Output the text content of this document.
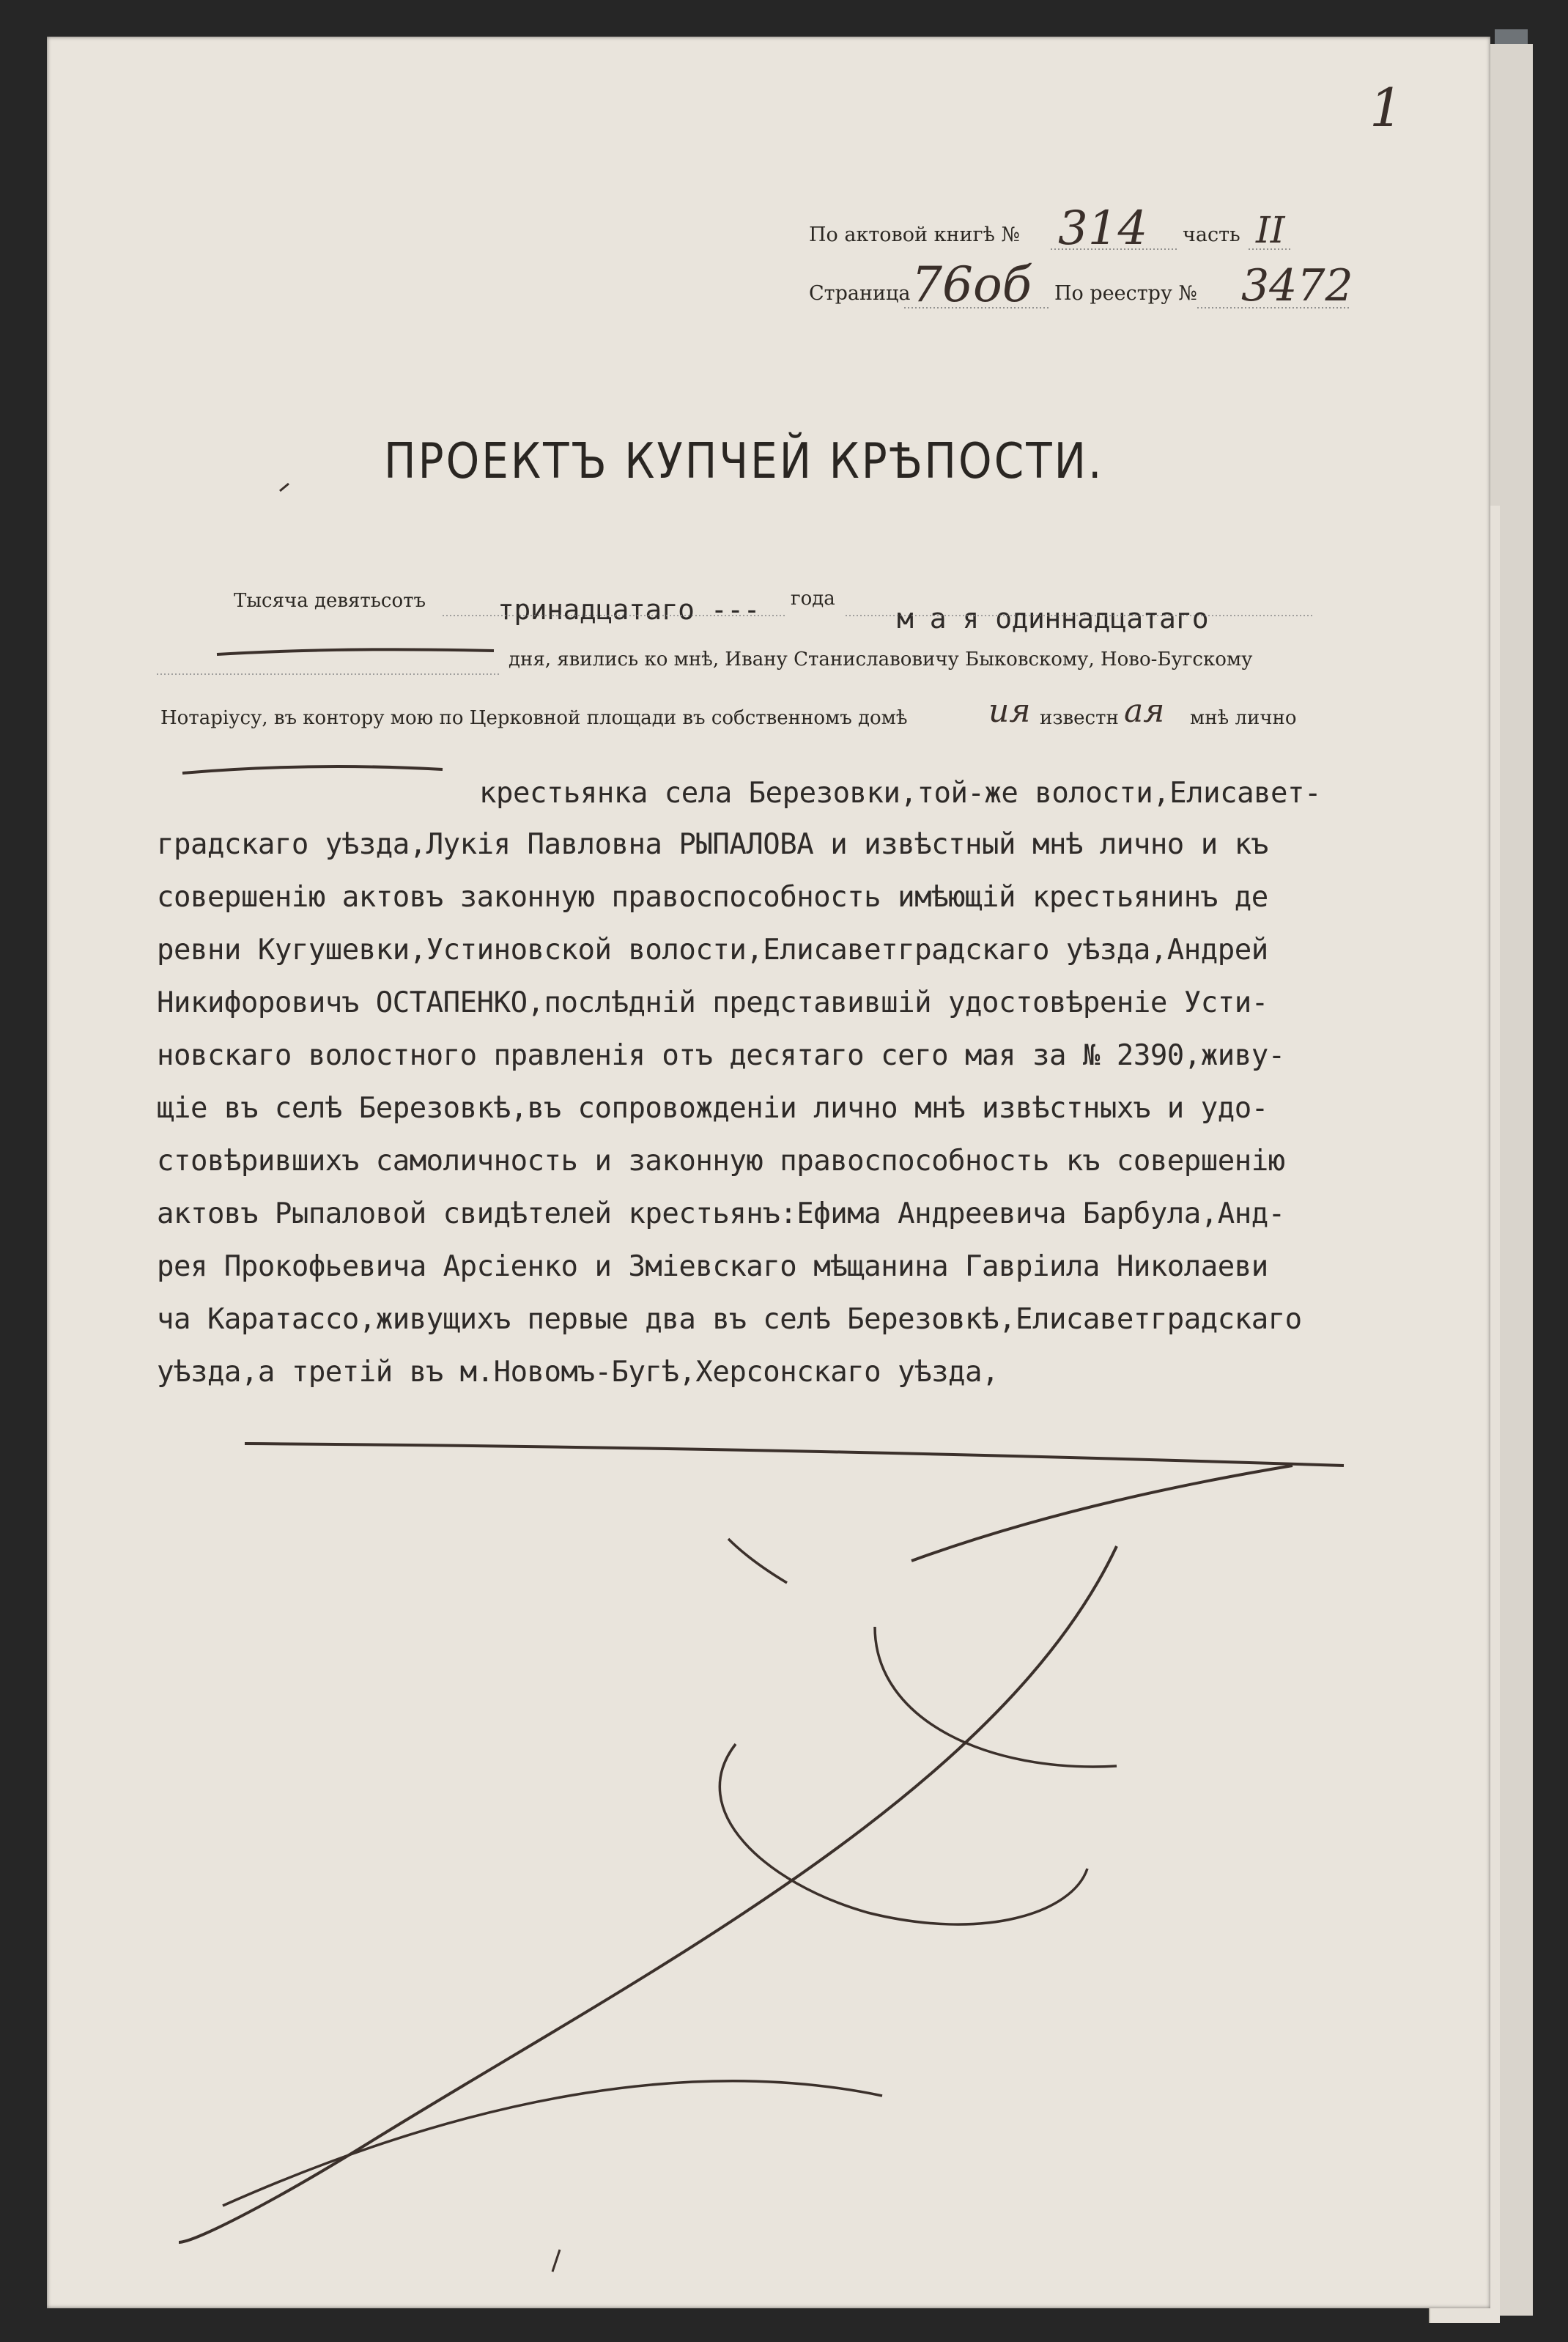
1
По актовой книгѣ № 314 часть II
Страница 76об По реестру № 3472
ПРОЕКТЪ КУПЧЕЙ КРѢПОСТИ.
Тысяча девятьсотъ	тринадцатаго --- года
м а я одиннадцатаго
дня, явились ко мнѣ, Ивану Станиславовичу Быковскому, Ново-Бугскому
Нотаріусу, въ контору мою по Церковной площади въ собственномъ домѣ	ия известн ая мнѣ лично
крестьянка села Березовки,той-же волости,Елисавет-
градскаго уѣзда,Лукія Павловна РЫПАЛОВА и извѣстный мнѣ лично и къ
совершенію актовъ законную правоспособность имѣющій крестьянинъ де
ревни Кугушевки,Устиновской волости,Елисаветградскаго уѣзда,Андрей
Никифоровичъ ОСТАПЕНКО,послѣдній представившій удостовѣреніе Усти-
новскаго волостного правленія отъ десятаго сего мая за № 2390,живу-
щіе въ селѣ Березовкѣ,въ сопровожденіи лично мнѣ извѣстныхъ и удо-
стовѣрившихъ самоличность и законную правоспособность къ совершенію
актовъ Рыпаловой свидѣтелей крестьянъ:Ефима Андреевича Барбула,Анд-
рея Прокофьевича Арсіенко и Зміевскаго мѣщанина Гавріила Николаеви
ча Каратассо,живущихъ первые два въ селѣ Березовкѣ,Елисаветградскаго
уѣзда,а третій въ м.Новомъ-Бугѣ,Херсонскаго уѣзда,
